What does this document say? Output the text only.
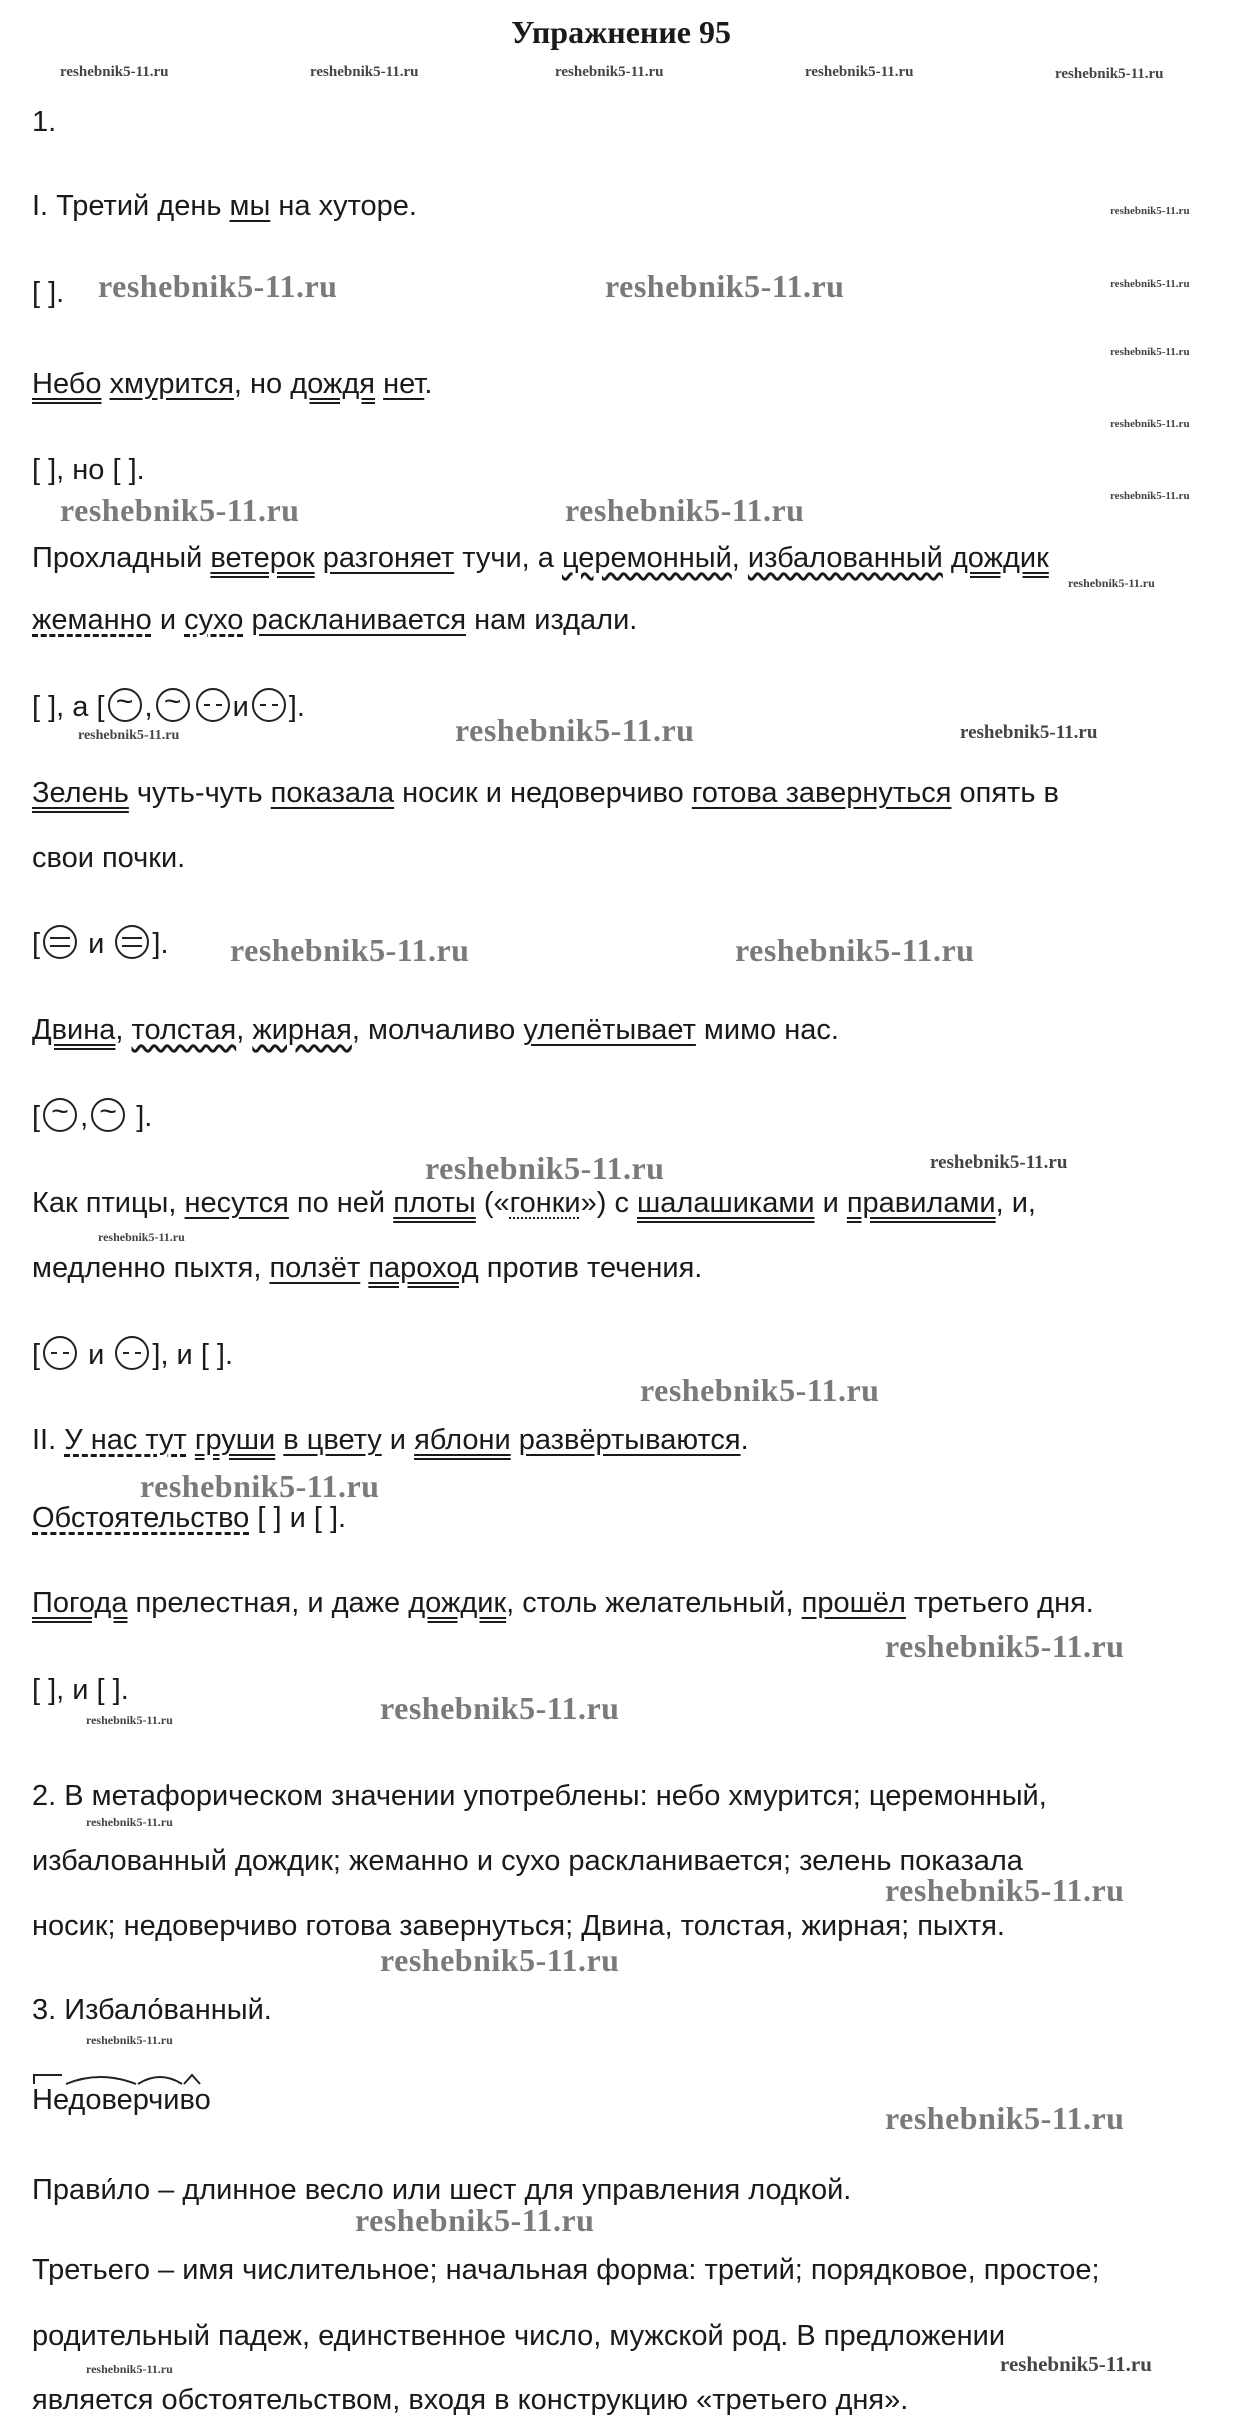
Упражнение 95
reshebnik5-11.ru	reshebnik5-11.ru	reshebnik5-11.ru	reshebnik5-11.ru	reshebnik5-11.ru
1.
I. Третий день мы на хуторе.	reshebnik5-11.ru
[ ]. reshebnik5-11.ru	reshebnik5-11.ru	reshebnik5-11.ru
reshebnik5-11.ru
Небо хмурится, но дождя нет.
reshebnik5-11.ru
[ ], но [ ].
reshebnik5-11.ru
reshebnik5-11.ru	reshebnik5-11.ru
Прохладный ветерок разгоняет тучи, а церемонный, избалованный дождик
reshebnik5-11.ru
жеманно и сухо раскланивается нам издали.
[ ], а [ ~ , ~	и ].
reshebnik5-11.ru	reshebnik5-11.ru	reshebnik5-11.ru
Зелень чуть-чуть показала носик и недоверчиво готова завернуться опять в
свои почки.
[ и ]. reshebnik5-11.ru	reshebnik5-11.ru
Двина, толстая, жирная, молчаливо улепётывает мимо нас.
[ ~ , ~ ].
reshebnik5-11.ru	reshebnik5-11.ru
Как птицы, несутся по ней плоты («гонки») с шалашиками и правилами, и,
reshebnik5-11.ru
медленно пыхтя, ползёт пароход против течения.
[ и ], и [ ].
reshebnik5-11.ru
II. У нас тут груши в цвету и яблони развёртываются.
reshebnik5-11.ru
Обстоятельство [ ] и [ ].
Погода прелестная, и даже дождик, столь желательный, прошёл третьего дня.
reshebnik5-11.ru
[ ], и [ ].
reshebnik5-11.ru	reshebnik5-11.ru
2. В метафорическом значении употреблены: небо хмурится; церемонный,
reshebnik5-11.ru
избалованный дождик; жеманно и сухо раскланивается; зелень показала
reshebnik5-11.ru
носик; недоверчиво готова завернуться; Двина, толстая, жирная; пыхтя.
reshebnik5-11.ru
3. Избало́ванный.
reshebnik5-11.ru
Недоверчиво	reshebnik5-11.ru
Прави́ло – длинное весло или шест для управления лодкой.
reshebnik5-11.ru
Третьего – имя числительное; начальная форма: третий; порядковое, простое;
родительный падеж, единственное число, мужской род. В предложении
reshebnik5-11.ru	reshebnik5-11.ru
является обстоятельством, входя в конструкцию «третьего дня».
